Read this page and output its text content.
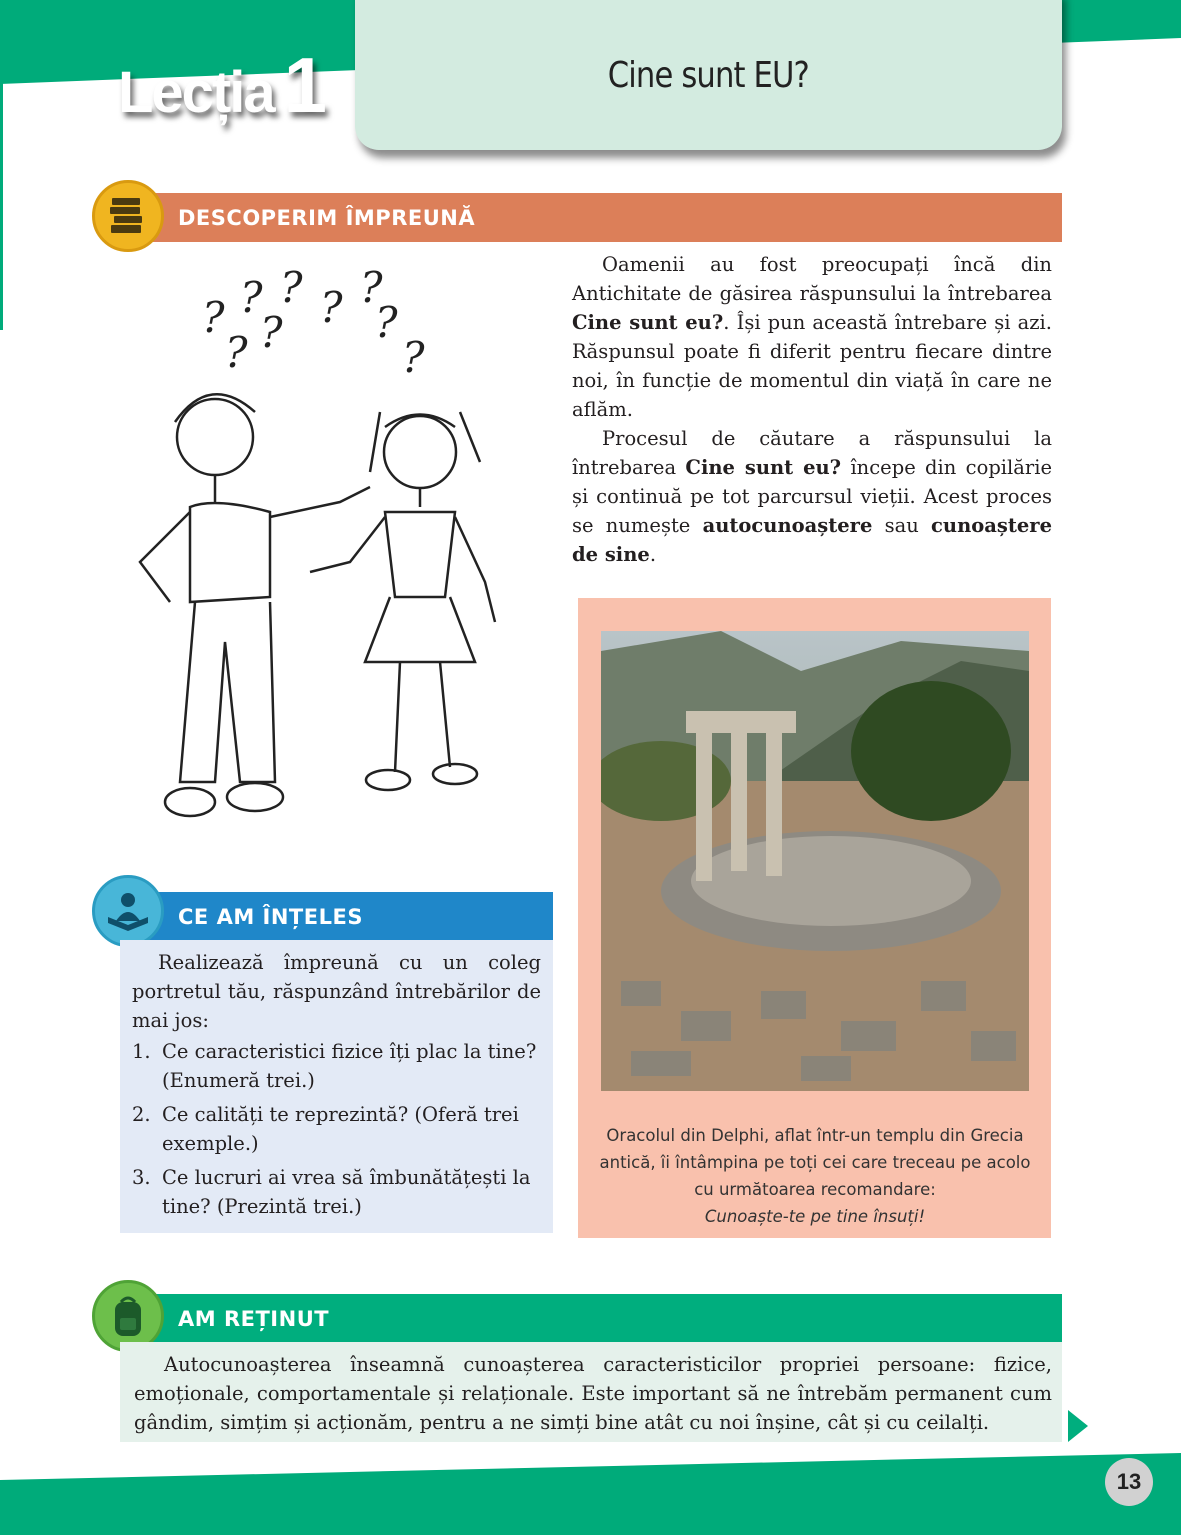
Lecția 1	Cine sunt EU?
DESCOPERIM ÎMPREUNĂ
? ? ? ? ?
?
? ?
?

Oamenii au fost preocupați încă din Antichitate de găsirea răspunsului la întrebarea Cine sunt eu?. Își pun această întrebare și azi. Răspunsul poate fi diferit pentru fiecare dintre noi, în funcție de momentul din viață în care ne aflăm.

Procesul de căutare a răspunsului la întrebarea Cine sunt eu? începe din copilărie și continuă pe tot parcursul vieții. Acest proces se numește autocunoaștere sau cunoaștere de sine.

Oracolul din Delphi, aflat într-un templu din Grecia antică, îi întâmpina pe toți cei care treceau pe acolo cu următoarea recomandare:
Cunoaște-te pe tine însuți!
CE AM ÎNȚELES

Realizează împreună cu un coleg portretul tău, răspunzând întrebărilor de mai jos:

1. Ce caracteristici fizice îți plac la tine? (Enumeră trei.)
2. Ce calități te reprezintă? (Oferă trei exemple.)
3. Ce lucruri ai vrea să îmbunătățești la tine? (Prezintă trei.)
AM REȚINUT

Autocunoașterea înseamnă cunoașterea caracteristicilor propriei persoane: fizice, emoționale, comportamentale și relaționale. Este important să ne întrebăm permanent cum gândim, simțim și acționăm, pentru a ne simți bine atât cu noi înșine, cât și cu ceilalți.

13
